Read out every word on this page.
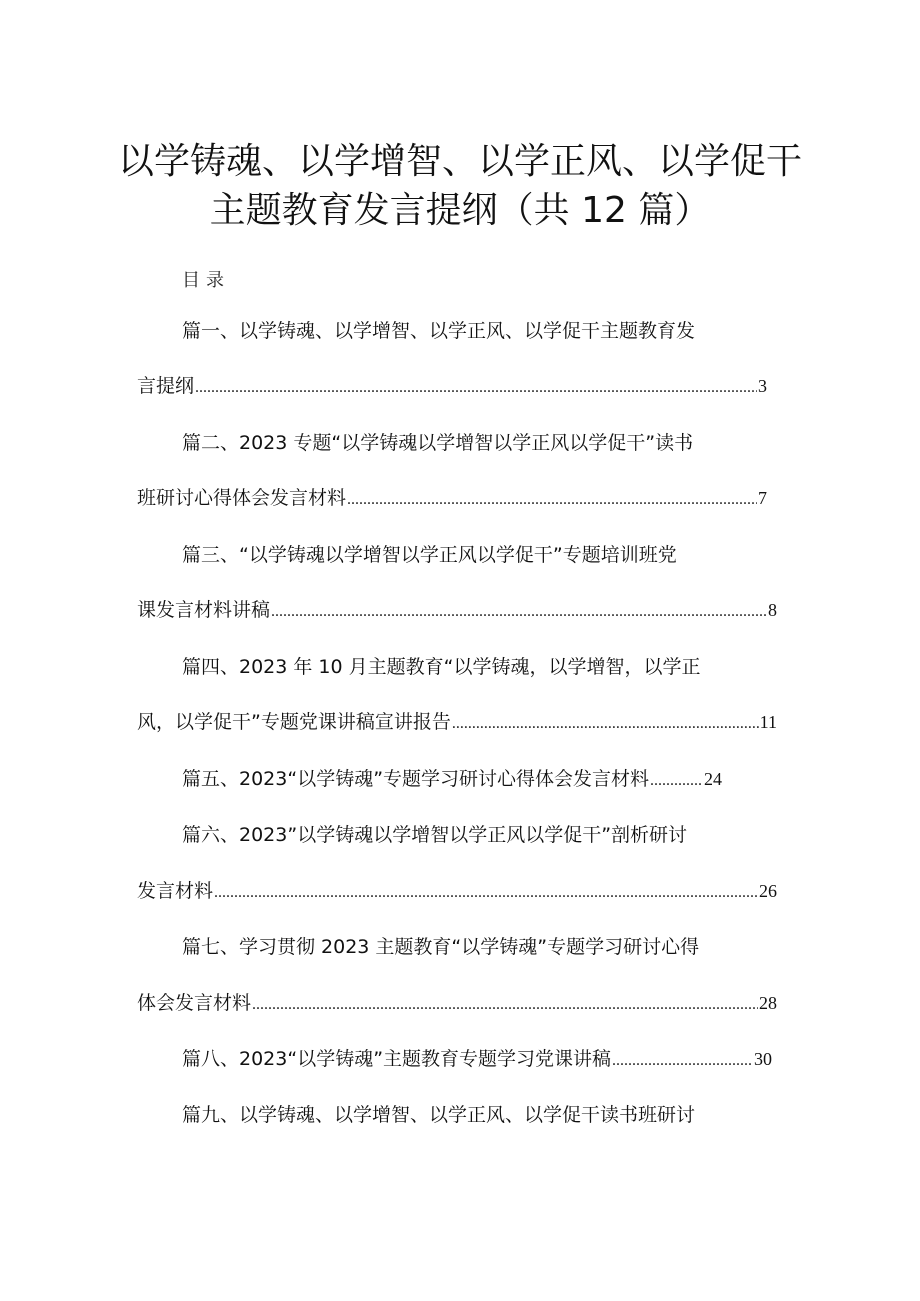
以学铸魂、以学增智、以学正风、以学促干
主题教育发言提纲（共 12 篇）
目录
篇一、以学铸魂、以学增智、以学正风、以学促干主题教育发
言提纲 .....	3
篇二、2023 专题“以学铸魂以学增智以学正风以学促干”读书
班研讨心得体会发言材料 .....	7
篇三、“以学铸魂以学增智以学正风以学促干”专题培训班党
课发言材料讲稿 .....	8
篇四、2023 年 10 月主题教育“以学铸魂，以学增智，以学正
风，以学促干”专题党课讲稿宣讲报告 .....	11
篇五、2023“以学铸魂”专题学习研讨心得体会发言材料 .....	24
篇六、2023”以学铸魂以学增智以学正风以学促干”剖析研讨
发言材料 .....	26
篇七、学习贯彻 2023 主题教育“以学铸魂”专题学习研讨心得
体会发言材料 .....	28
篇八、2023“以学铸魂”主题教育专题学习党课讲稿 .....	30
篇九、以学铸魂、以学增智、以学正风、以学促干读书班研讨
